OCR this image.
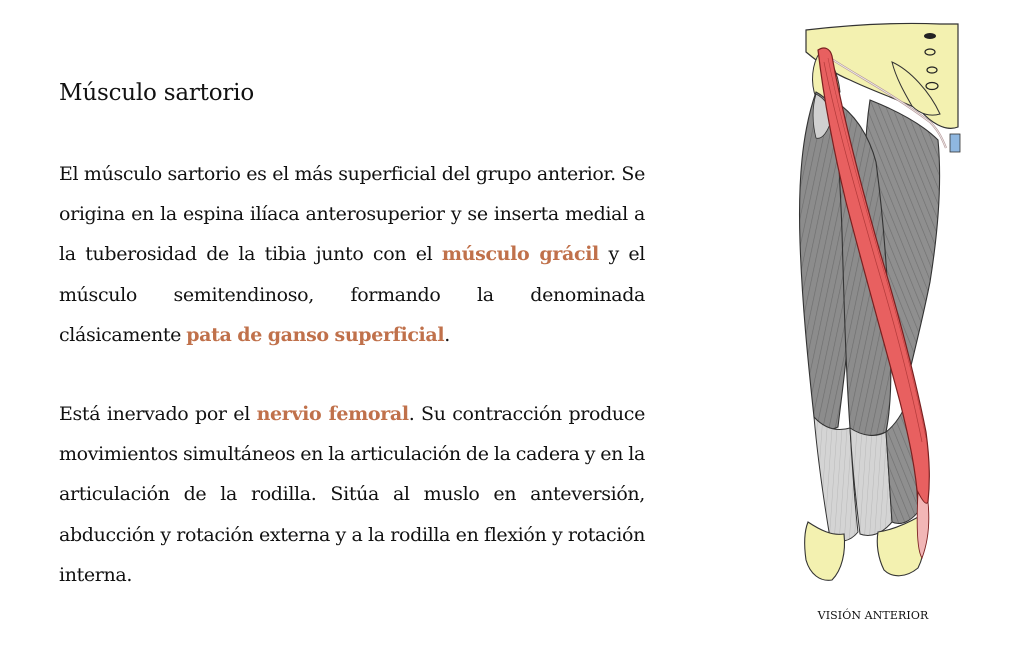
Músculo sartorio

El músculo sartorio es el más superficial del grupo anterior. Se origina en la espina ilíaca anterosuperior y se inserta medial a la tuberosidad de la tibia junto con el músculo grácil y el músculo semitendinoso, formando la denominada clásicamente pata de ganso superficial.

Está inervado por el nervio femoral. Su contracción produce movimientos simultáneos en la articulación de la cadera y en la articulación de la rodilla. Sitúa al muslo en anteversión, abducción y rotación externa y a la rodilla en flexión y rotación interna.

VISIÓN ANTERIOR
